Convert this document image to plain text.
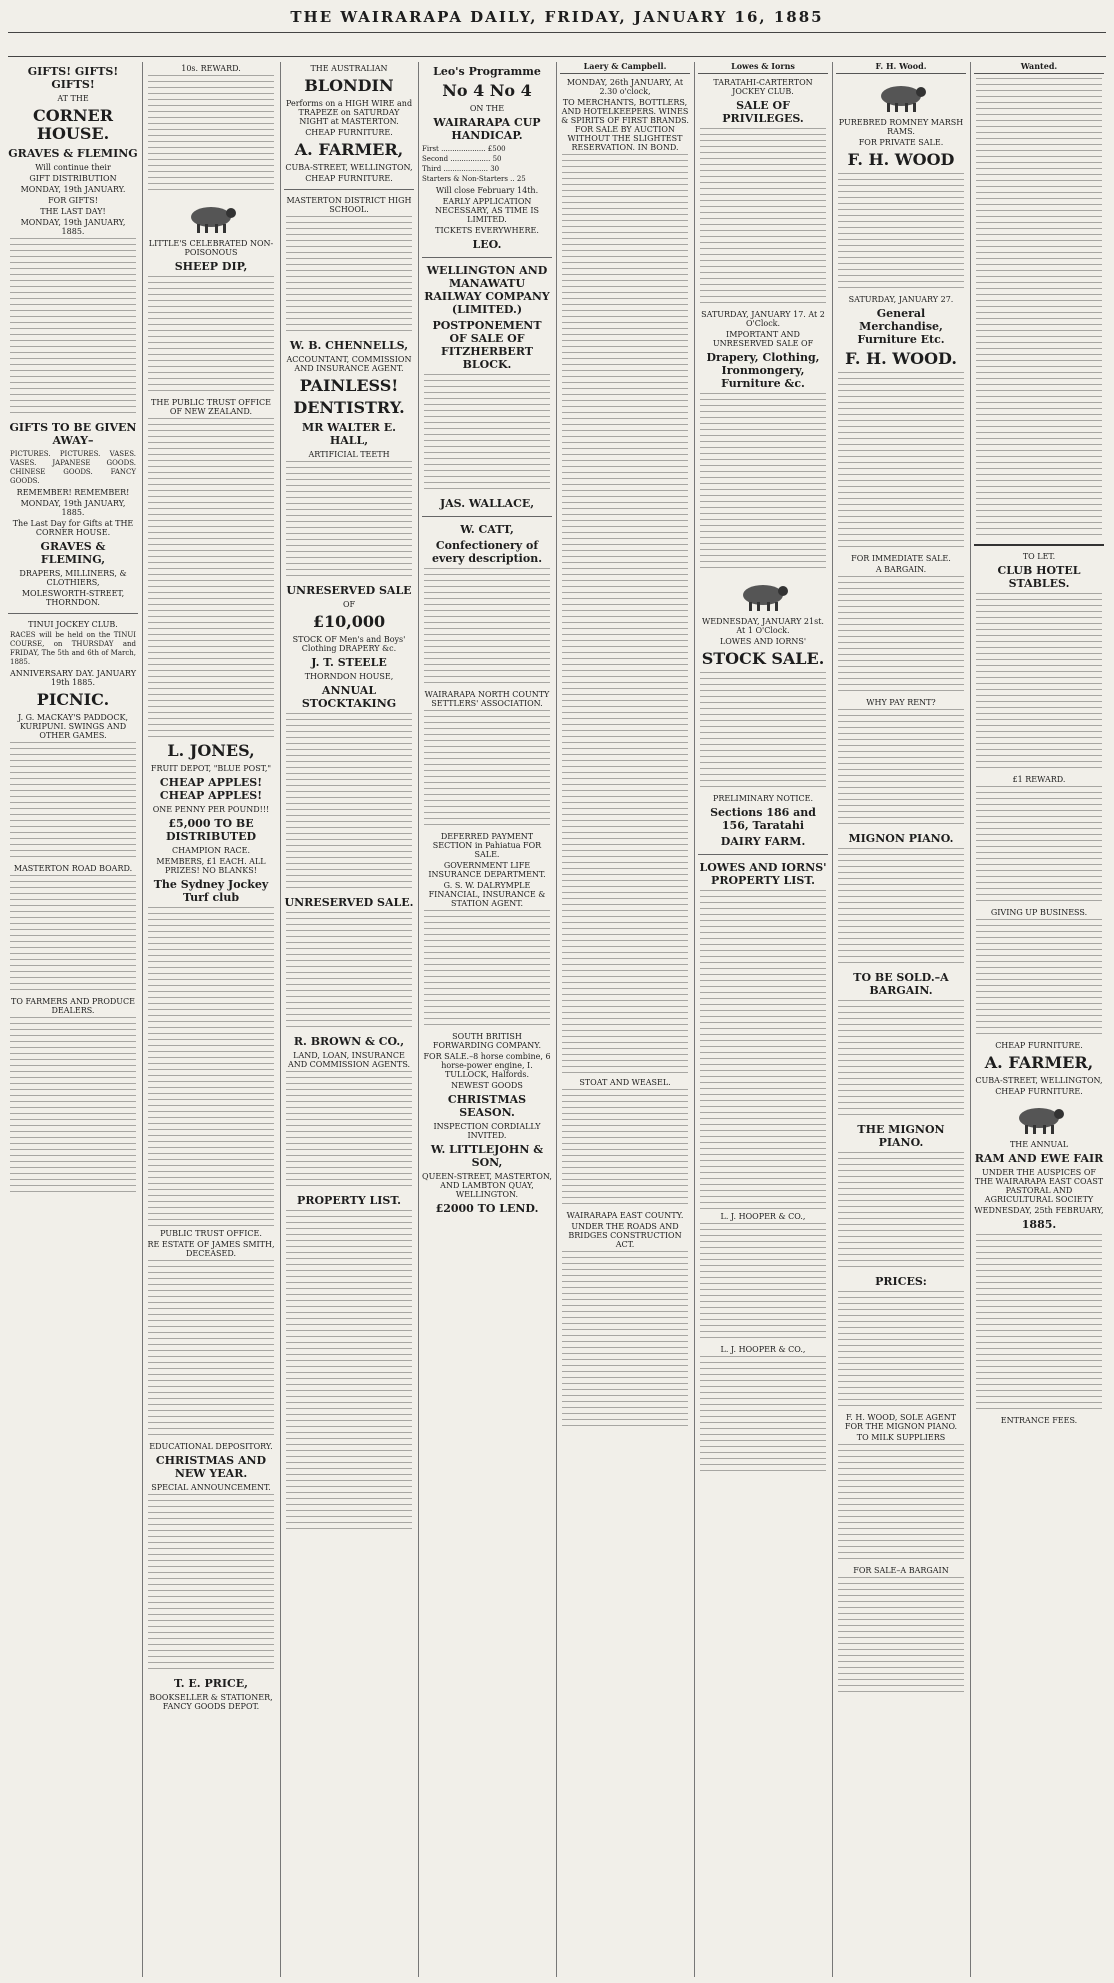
THE WAIRARAPA DAILY, FRIDAY, JANUARY 16, 1885
GIFTS! GIFTS! GIFTS!
AT THE
CORNER HOUSE.
GRAVES & FLEMING
Will continue their
GIFT DISTRIBUTION
MONDAY, 19th JANUARY.
FOR GIFTS!
THE LAST DAY!
MONDAY, 19th JANUARY, 1885.
GIFTS TO BE GIVEN AWAY–
PICTURES. PICTURES. VASES. VASES. JAPANESE GOODS. CHINESE GOODS. FANCY GOODS.
REMEMBER! REMEMBER!
MONDAY, 19th JANUARY, 1885.
The Last Day for Gifts at THE CORNER HOUSE.
GRAVES & FLEMING,
DRAPERS, MILLINERS, & CLOTHIERS,
MOLESWORTH-STREET, THORNDON.
TINUI JOCKEY CLUB.
RACES will be held on the TINUI COURSE, on THURSDAY and FRIDAY, The 5th and 6th of March, 1885.
ANNIVERSARY DAY. JANUARY 19th 1885.
PICNIC.
J. G. MACKAY'S PADDOCK, KURIPUNI. SWINGS AND OTHER GAMES.
MASTERTON ROAD BOARD.
TO FARMERS AND PRODUCE DEALERS.
10s. REWARD.
LITTLE'S CELEBRATED NON-POISONOUS
SHEEP DIP,
THE PUBLIC TRUST OFFICE OF NEW ZEALAND.
L. JONES,
FRUIT DEPOT, "BLUE POST,"
CHEAP APPLES! CHEAP APPLES!
ONE PENNY PER POUND!!!
£5,000 TO BE DISTRIBUTED
CHAMPION RACE.
MEMBERS, £1 EACH. ALL PRIZES! NO BLANKS!
The Sydney Jockey Turf club
PUBLIC TRUST OFFICE.
RE ESTATE OF JAMES SMITH, DECEASED.
EDUCATIONAL DEPOSITORY.
CHRISTMAS AND NEW YEAR.
SPECIAL ANNOUNCEMENT.
T. E. PRICE,
BOOKSELLER & STATIONER, FANCY GOODS DEPOT.
THE AUSTRALIAN
BLONDIN
Performs on a HIGH WIRE and TRAPEZE on SATURDAY NIGHT at MASTERTON.
CHEAP FURNITURE.
A. FARMER,
CUBA-STREET, WELLINGTON,
CHEAP FURNITURE.
MASTERTON DISTRICT HIGH SCHOOL.
W. B. CHENNELLS,
ACCOUNTANT, COMMISSION AND INSURANCE AGENT.
PAINLESS!
DENTISTRY.
MR WALTER E. HALL,
ARTIFICIAL TEETH
UNRESERVED SALE
OF
£10,000
STOCK OF Men's and Boys' Clothing DRAPERY &c.
J. T. STEELE
THORNDON HOUSE,
ANNUAL STOCKTAKING
UNRESERVED SALE.
R. BROWN & CO.,
LAND, LOAN, INSURANCE AND COMMISSION AGENTS.
PROPERTY LIST.
Leo's Programme
No 4 No 4
ON THE
WAIRARAPA CUP HANDICAP.
First .................... £500
Second .................. 50
Third .................... 30
Starters & Non-Starters .. 25
Will close February 14th.
EARLY APPLICATION NECESSARY, AS TIME IS LIMITED.
TICKETS EVERYWHERE.
LEO.
WELLINGTON AND MANAWATU RAILWAY COMPANY (LIMITED.)
POSTPONEMENT OF SALE OF FITZHERBERT BLOCK.
JAS. WALLACE,
W. CATT,
Confectionery of every description.
WAIRARAPA NORTH COUNTY SETTLERS' ASSOCIATION.
DEFERRED PAYMENT SECTION in Pahiatua FOR SALE.
GOVERNMENT LIFE INSURANCE DEPARTMENT.
G. S. W. DALRYMPLE FINANCIAL, INSURANCE & STATION AGENT.
SOUTH BRITISH FORWARDING COMPANY.
FOR SALE.–8 horse combine, 6 horse-power engine, I. TULLOCK, Halfords.
NEWEST GOODS
CHRISTMAS SEASON.
INSPECTION CORDIALLY INVITED.
W. LITTLEJOHN & SON,
QUEEN-STREET, MASTERTON, AND LAMBTON QUAY, WELLINGTON.
£2000 TO LEND.
Laery & Campbell.
MONDAY, 26th JANUARY, At 2.30 o'clock,
TO MERCHANTS, BOTTLERS, AND HOTELKEEPERS. WINES & SPIRITS OF FIRST BRANDS. FOR SALE BY AUCTION WITHOUT THE SLIGHTEST RESERVATION. IN BOND.
STOAT AND WEASEL.
WAIRARAPA EAST COUNTY.
UNDER THE ROADS AND BRIDGES CONSTRUCTION ACT.
Lowes & Iorns
TARATAHI-CARTERTON JOCKEY CLUB.
SALE OF PRIVILEGES.
SATURDAY, JANUARY 17. At 2 O'Clock.
IMPORTANT AND UNRESERVED SALE OF
Drapery, Clothing, Ironmongery, Furniture &c.
WEDNESDAY, JANUARY 21st. At 1 O'Clock.
LOWES AND IORNS'
STOCK SALE.
PRELIMINARY NOTICE.
Sections 186 and 156, Taratahi
DAIRY FARM.
LOWES AND IORNS' PROPERTY LIST.
L. J. HOOPER & CO.,
L. J. HOOPER & CO.,
F. H. Wood.
PUREBRED ROMNEY MARSH RAMS.
FOR PRIVATE SALE.
F. H. WOOD
SATURDAY, JANUARY 27.
General Merchandise, Furniture Etc.
F. H. WOOD.
FOR IMMEDIATE SALE.
A BARGAIN.
WHY PAY RENT?
MIGNON PIANO.
TO BE SOLD.–A BARGAIN.
THE MIGNON PIANO.
PRICES:
F. H. WOOD, SOLE AGENT FOR THE MIGNON PIANO.
TO MILK SUPPLIERS
FOR SALE–A BARGAIN
Wanted.
TO LET.
CLUB HOTEL STABLES.
£1 REWARD.
GIVING UP BUSINESS.
CHEAP FURNITURE.
A. FARMER,
CUBA-STREET, WELLINGTON,
CHEAP FURNITURE.
THE ANNUAL
RAM AND EWE FAIR
UNDER THE AUSPICES OF THE WAIRARAPA EAST COAST PASTORAL AND AGRICULTURAL SOCIETY
WEDNESDAY, 25th FEBRUARY,
1885.
ENTRANCE FEES.
